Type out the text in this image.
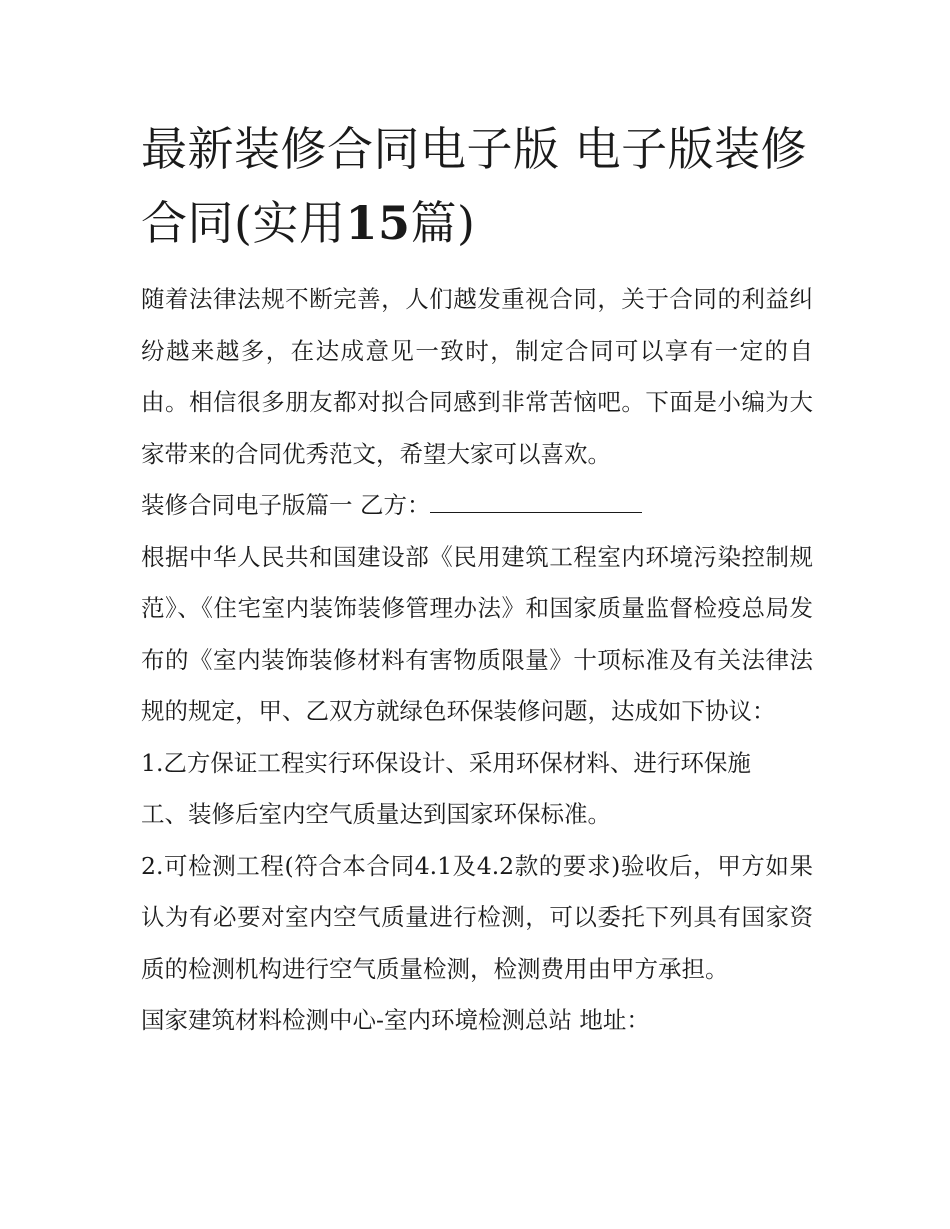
最新装修合同电子版 电子版装修合同(实用15篇)

随着法律法规不断完善，人们越发重视合同，关于合同的利益纠纷越来越多，在达成意见一致时，制定合同可以享有一定的自由。相信很多朋友都对拟合同感到非常苦恼吧。下面是小编为大家带来的合同优秀范文，希望大家可以喜欢。

装修合同电子版篇一 乙方：

根据中华人民共和国建设部《民用建筑工程室内环境污染控制规范》、《住宅室内装饰装修管理办法》和国家质量监督检疫总局发布的《室内装饰装修材料有害物质限量》十项标准及有关法律法规的规定，甲、乙双方就绿色环保装修问题，达成如下协议：

1.乙方保证工程实行环保设计、采用环保材料、进行环保施
工、装修后室内空气质量达到国家环保标准。

2.可检测工程(符合本合同4.1及4.2款的要求)验收后，甲方如果认为有必要对室内空气质量进行检测，可以委托下列具有国家资质的检测机构进行空气质量检测，检测费用由甲方承担。

国家建筑材料检测中心-室内环境检测总站 地址：
